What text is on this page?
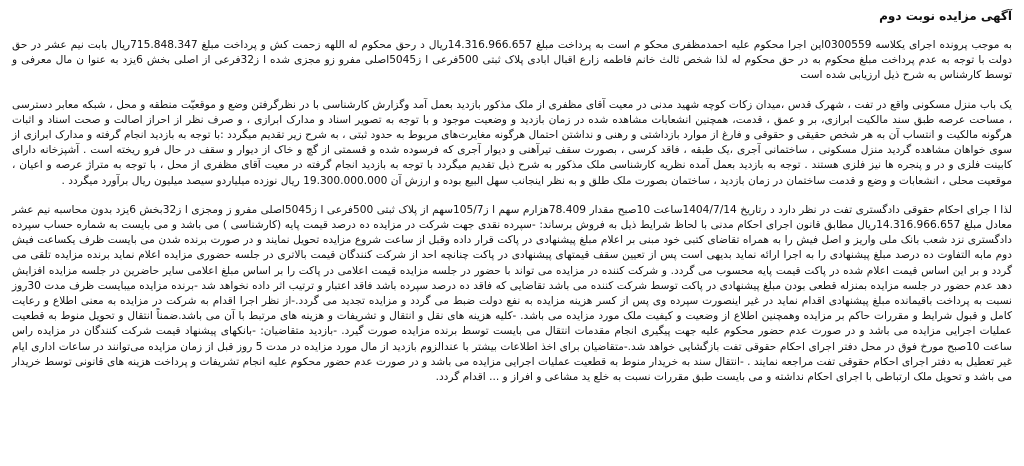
آگهی مزایده نوبت دوم

به موجب پرونده اجرای یکلاسه 0300559این اجرا محکوم علیه احمدمظفری محکو م است به پرداخت مبلغ 14.316.966.657ریال د رحق محکوم له اللهه زحمت کش و پرداخت مبلغ 715.848.347ریال بابت نیم عشر در حق دولت با توجه به عدم پرداخت مبلغ محکوم به در حق محکوم له لذا شخص ثالث خانم فاطمه زارع اقبال ابادی پلاک ثبتی 500فرعی ا ز5045اصلی مفرو زو مجزی شده ا ز32فرعی از اصلی بخش 6یزد به عنوا ن مال معرفی و توسط کارشناس به شرح ذیل ارزیابی شده است

یک باب منزل مسکونی واقع در تفت ، شهرک قدس ،میدان زکات کوچه شهید مدنی در معیت آقای مظفری از ملک مذکور بازدید بعمل آمد وگزارش کارشناسی با در نظرگرفتن وضع و موقعیّت منطقه و محل ، شبکه معابر دسترسی ، مساحت عرصه طبق سند مالکیت ابرازی، بر و عمق ، قدمت، همچنین انشعابات مشاهده شده در زمان بازدید و وضعیت موجود و با توجه به تصویر اسناد و مدارک ابرازی ، و صرف نظر از احراز اصالت و صحت اسناد و اثبات هرگونه مالکیت و انتساب آن به هر شخص حقیقی و حقوقی و فارغ از موارد بازداشتی و رهنی و نداشتن احتمال هرگونه مغایرت‌های مربوط به حدود ثبتی ، به شرح زیر تقدیم میگردد :با توجه به بازدید انجام گرفته و مدارک ابرازی از سوی خواهان مشاهده گردید منزل مسکونی ، ساختمانی آجری ،یک طبقه ، فاقد کرسی ، بصورت سقف تیرآهنی و دیوار آجری که فرسوده شده و قسمتی از گچ و خاک از دیوار و سقف در حال فرو ریخته است . آشپزخانه دارای کابینت فلزی و در و پنجره ها نیز فلزی هستند . توجه به بازدید بعمل آمده نظریه کارشناسی ملک مذکور به شرح ذیل تقدیم میگردد با توجه به بازدید انجام گرفته در معیت آقای مظفری از محل ، با توجه به متراژ عرصه و اعیان ، موقعیت محلی ، انشعابات و وضع و قدمت ساختمان در زمان بازدید ، ساختمان بصورت ملک طلق و به نظر اینجانب سهل البیع بوده و ارزش آن 19.300.000.000 ریال نوزده میلیاردو سیصد میلیون ریال برآورد میگردد .

لذا ا جرای احکام حقوقی دادگستری تفت در نظر دارد د رتاریخ 1404/7/14ساعت 10صبح مقدار 78.409هزارم سهم ا ز105/7سهم از پلاک ثبتی 500فرعی ا ز5045اصلی مفرو ز ومجزی ا ز32بخش 6یزد بدون محاسبه نیم عشر معادل مبلغ 14.316.966.657ریال مطابق قانون اجرای احکام مدنی با لحاظ شرایط ذیل به فروش برساند: -سپرده نقدی جهت شرکت در مزایده ده درصد قیمت پایه (کارشناسی ) می باشد و می بایست به شماره حساب سپرده دادگستری نزد شعب بانک ملی واریز و اصل فیش را به همراه تقاضای کتبی خود مبنی بر اعلام مبلغ پیشنهادی در پاکت قرار داده وقبل از ساعت شروع مزایده تحویل نمایند و در صورت برنده شدن می بایست ظرف یکساعت فیش دوم مابه التفاوت ده درصد مبلغ پیشنهادی را به اجرا ارائه نماید بدیهی است پس از تعیین سقف قیمتهای پیشنهادی در پاکت چنانچه احد از شرکت کنندگان قیمت بالاتری در جلسه حضوری مزایده اعلام نماید برنده مزایده تلقی می گردد و بر این اساس قیمت اعلام شده در پاکت قیمت پایه محسوب می گردد. و شرکت کننده در مزایده می تواند با حضور در جلسه مزایده قیمت اعلامی در پاکت را بر اساس مبلغ اعلامی سایر حاضرین در جلسه مزایده افزایش دهد عدم حضور در جلسه مزایده بمنزله قطعی بودن مبلغ پیشنهادی در پاکت توسط شرکت کننده می باشد تقاضایی که فاقد ده درصد سپرده باشد فاقد اعتبار و ترتیب اثر داده نخواهد شد -برنده مزایده میبایست ظرف مدت 30روز نسبت به پرداخت باقیمانده مبلغ پیشنهادی اقدام نماید در غیر اینصورت سپرده وی پس از کسر هزینه مزایده به نفع دولت ضبط می گردد و مزایده تجدید می گردد.-از نظر اجرا اقدام به شرکت در مزایده به معنی اطلاع و رعایت کامل و قبول شرایط و مقررات حاکم بر مزایده وهمچنین اطلاع از وضعیت و کیفیت ملک مورد مزایده می باشد. -کلیه هزینه های نقل و انتقال و تشریفات و هزینه های مرتبط با آن می باشد.ضمناً انتقال و تحویل منوط به قطعیت عملیات اجرایی مزایده می باشد و در صورت عدم حضور محکوم علیه جهت پیگیری انجام مقدمات انتقال می بایست توسط برنده مزایده صورت گیرد. -بازدید متقاضیان: -بانکهای پیشنهاد قیمت شرکت کنندگان در مزایده راس ساعت 10صبح مورخ فوق در محل دفتر اجرای احکام حقوقی تفت بازگشایی خواهد شد.-متقاضیان برای اخذ اطلاعات بیشتر با عندالزوم بازدید از مال مورد مزایده در مدت 5 روز قبل از زمان مزایده می‌توانند در ساعات اداری ایام غیر تعطیل به دفتر اجرای احکام حقوقی تفت مراجعه نمایند . -انتقال سند به خریدار منوط به قطعیت عملیات اجرایی مزایده می باشد و در صورت عدم حضور محکوم علیه انجام تشریفات و پرداخت هزینه های قانونی توسط خریدار می باشد و تحویل ملک ارتباطی با اجرای احکام نداشته و می بایست طبق مقررات نسبت به خلع ید مشاعی و افراز و ... اقدام گردد.
